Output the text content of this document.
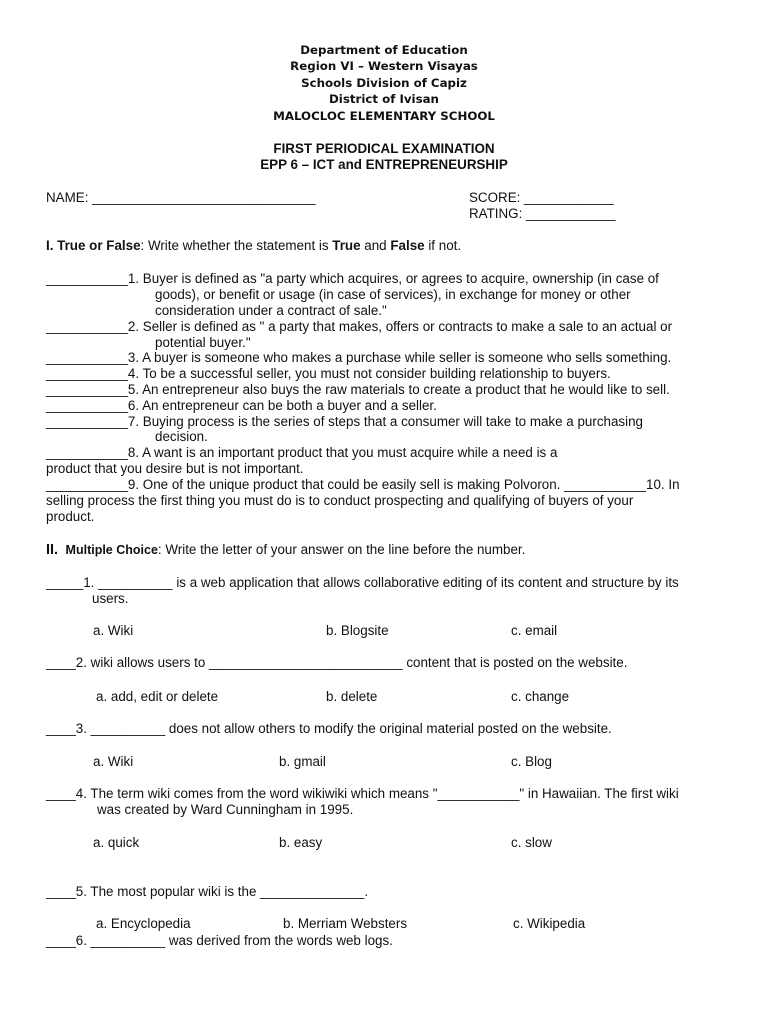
Department of Education
Region VI – Western Visayas
Schools Division of Capiz
District of Ivisan
MALOCLOC ELEMENTARY SCHOOL
FIRST PERIODICAL EXAMINATION
EPP 6 – ICT and ENTREPRENEURSHIP
NAME: ______________________________	SCORE: ____________
RATING: ____________
I. True or False: Write whether the statement is True and False if not.
___________1. Buyer is defined as "a party which acquires, or agrees to acquire, ownership (in case of
goods), or benefit or usage (in case of services), in exchange for money or other
consideration under a contract of sale."
___________2. Seller is defined as " a party that makes, offers or contracts to make a sale to an actual or
potential buyer."
___________3. A buyer is someone who makes a purchase while seller is someone who sells something.
___________4. To be a successful seller, you must not consider building relationship to buyers.
___________5. An entrepreneur also buys the raw materials to create a product that he would like to sell.
___________6. An entrepreneur can be both a buyer and a seller.
___________7. Buying process is the series of steps that a consumer will take to make a purchasing
decision.
___________8. A want is an important product that you must acquire while a need is a
product that you desire but is not important.
___________9. One of the unique product that could be easily sell is making Polvoron. ___________10. In
selling process the first thing you must do is to conduct prospecting and qualifying of buyers of your
product.
II. Multiple Choice: Write the letter of your answer on the line before the number.
_____1. __________ is a web application that allows collaborative editing of its content and structure by its
users.
a. Wiki	b. Blogsite	c. email
____2. wiki allows users to __________________________ content that is posted on the website.
a. add, edit or delete	b. delete	c. change
____3. __________ does not allow others to modify the original material posted on the website.
a. Wiki	b. gmail	c. Blog
____4. The term wiki comes from the word wikiwiki which means "___________" in Hawaiian. The first wiki
was created by Ward Cunningham in 1995.
a. quick	b. easy	c. slow
____5. The most popular wiki is the ______________.
a. Encyclopedia	b. Merriam Websters	c. Wikipedia
____6. __________ was derived from the words web logs.
